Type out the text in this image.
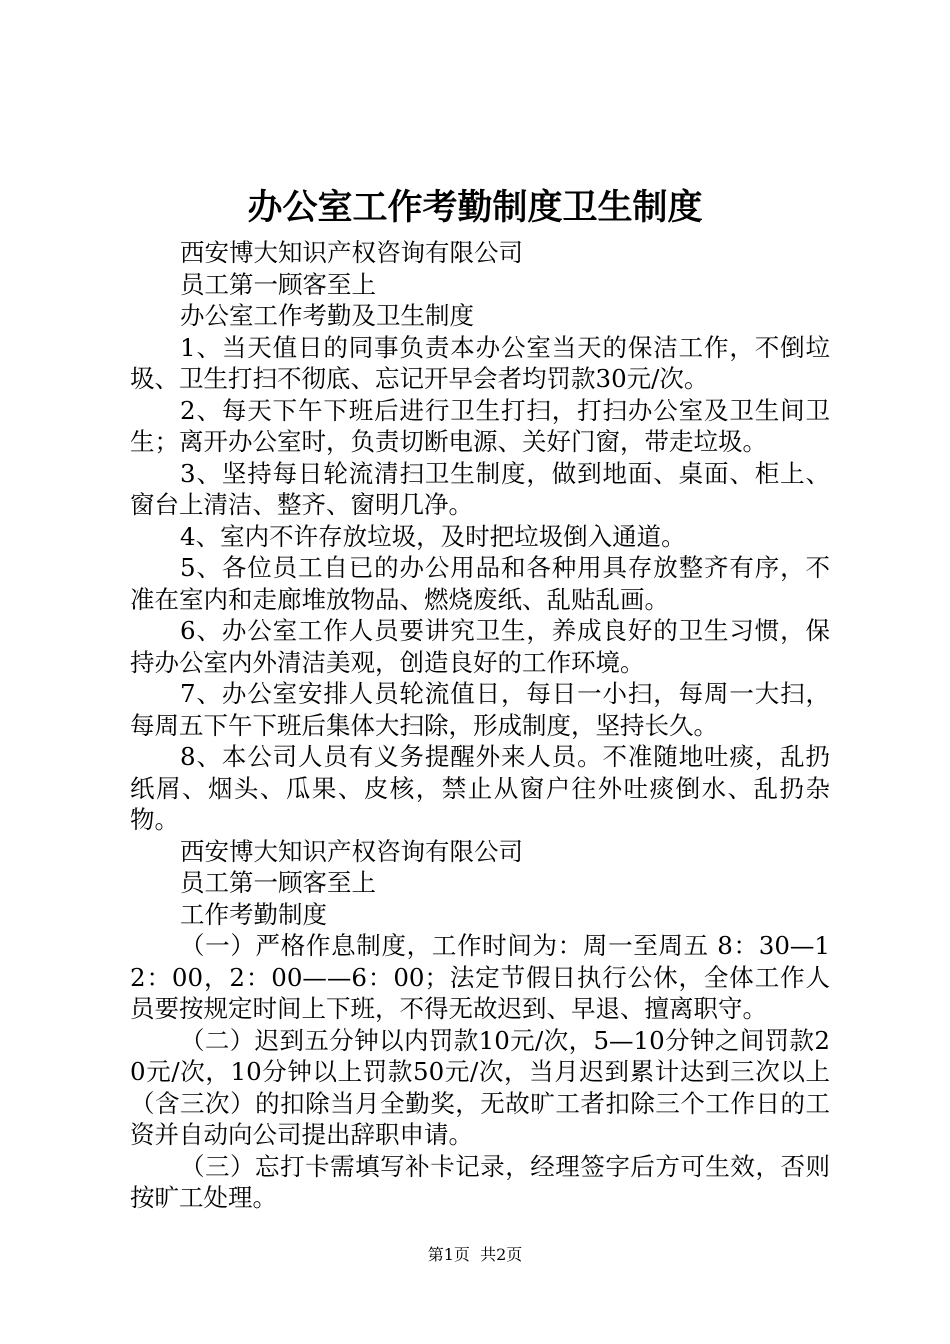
办公室工作考勤制度卫生制度

西安博大知识产权咨询有限公司

员工第一顾客至上

办公室工作考勤及卫生制度

1、当天值日的同事负责本办公室当天的保洁工作，不倒垃圾、卫生打扫不彻底、忘记开早会者均罚款30元/次。

2、每天下午下班后进行卫生打扫，打扫办公室及卫生间卫生；离开办公室时，负责切断电源、关好门窗，带走垃圾。

3、坚持每日轮流清扫卫生制度，做到地面、桌面、柜上、窗台上清洁、整齐、窗明几净。

4、室内不许存放垃圾，及时把垃圾倒入通道。

5、各位员工自已的办公用品和各种用具存放整齐有序，不准在室内和走廊堆放物品、燃烧废纸、乱贴乱画。

6、办公室工作人员要讲究卫生，养成良好的卫生习惯，保持办公室内外清洁美观，创造良好的工作环境。

7、办公室安排人员轮流值日，每日一小扫，每周一大扫，每周五下午下班后集体大扫除，形成制度，坚持长久。

8、本公司人员有义务提醒外来人员。不准随地吐痰，乱扔纸屑、烟头、瓜果、皮核，禁止从窗户往外吐痰倒水、乱扔杂物。

西安博大知识产权咨询有限公司

员工第一顾客至上

工作考勤制度

（一）严格作息制度，工作时间为：周一至周五 8：30—12：00，2：00——6：00；法定节假日执行公休，全体工作人员要按规定时间上下班，不得无故迟到、早退、擅离职守。

（二）迟到五分钟以内罚款10元/次，5—10分钟之间罚款20元/次，10分钟以上罚款50元/次，当月迟到累计达到三次以上（含三次）的扣除当月全勤奖，无故旷工者扣除三个工作日的工资并自动向公司提出辞职申请。

（三）忘打卡需填写补卡记录，经理签字后方可生效，否则按旷工处理。

第1页 共2页
